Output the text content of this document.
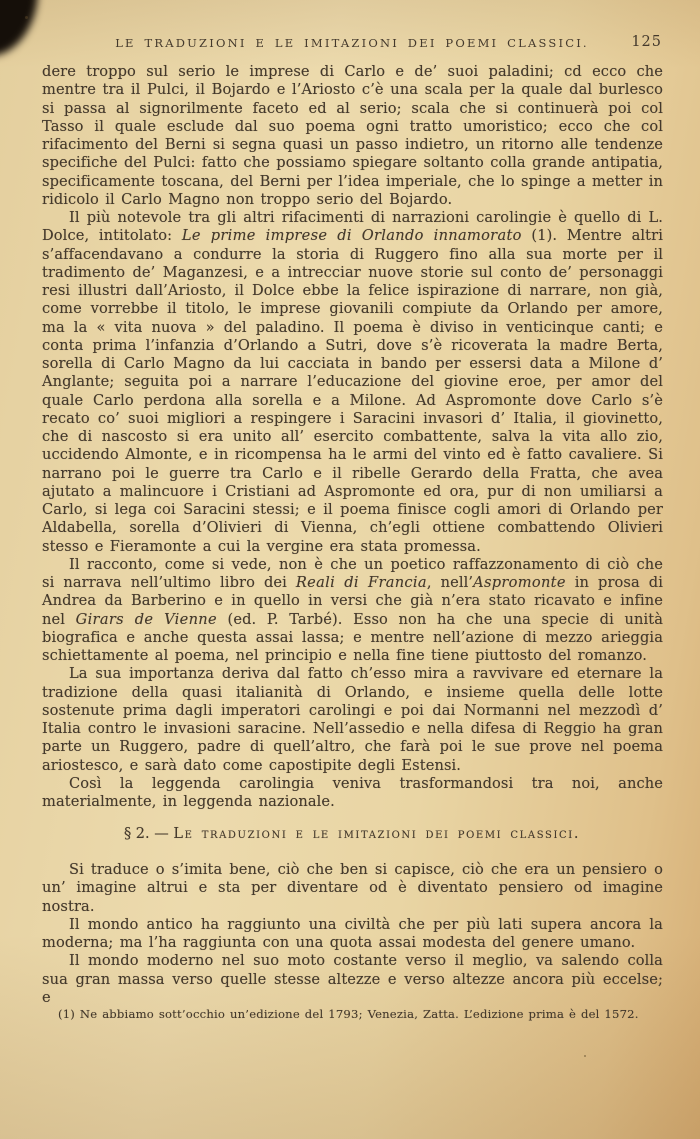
LE TRADUZIONI E LE IMITAZIONI DEI POEMI CLASSICI.	125

dere troppo sul serio le imprese di Carlo e de’ suoi paladini; cd ecco che mentre tra il Pulci, il Bojardo e l’Ariosto c’è una scala per la quale dal burlesco si passa al signorilmente faceto ed al serio; scala che si continuerà poi col Tasso il quale esclude dal suo poema ogni tratto umoristico; ecco che col rifacimento del Berni si segna quasi un passo indietro, un ritorno alle tendenze specifiche del Pulci: fatto che possiamo spiegare soltanto colla grande antipatia, specificamente toscana, del Berni per l’idea imperiale, che lo spinge a metter in ridicolo il Carlo Magno non troppo serio del Bojardo.

Il più notevole tra gli altri rifacimenti di narrazioni carolingie è quello di L. Dolce, intitolato: Le prime imprese di Orlando innamorato (1). Mentre altri s’affacendavano a condurre la storia di Ruggero fino alla sua morte per il tradimento de’ Maganzesi, e a intrecciar nuove storie sul conto de’ personaggi resi illustri dall’Ariosto, il Dolce ebbe la felice ispirazione di narrare, non già, come vorrebbe il titolo, le imprese giovanili compiute da Orlando per amore, ma la « vita nuova » del paladino. Il poema è diviso in venticinque canti; e conta prima l’infanzia d’Orlando a Sutri, dove s’è ricoverata la madre Berta, sorella di Carlo Magno da lui cacciata in bando per essersi data a Milone d’ Anglante; seguita poi a narrare l’educazione del giovine eroe, per amor del quale Carlo perdona alla sorella e a Milone. Ad Aspromonte dove Carlo s’è recato co’ suoi migliori a respingere i Saracini invasori d’ Italia, il giovinetto, che di nascosto si era unito all’ esercito combattente, salva la vita allo zio, uccidendo Almonte, e in ricompensa ha le armi del vinto ed è fatto cavaliere. Si narrano poi le guerre tra Carlo e il ribelle Gerardo della Fratta, che avea ajutato a malincuore i Cristiani ad Aspromonte ed ora, pur di non umiliarsi a Carlo, si lega coi Saracini stessi; e il poema finisce cogli amori di Orlando per Aldabella, sorella d’Olivieri di Vienna, ch’egli ottiene combattendo Olivieri stesso e Fieramonte a cui la vergine era stata promessa.

Il racconto, come si vede, non è che un poetico raffazzonamento di ciò che si narrava nell’ultimo libro dei Reali di Francia, nell’Aspromonte in prosa di Andrea da Barberino e in quello in versi che già n’era stato ricavato e infine nel Girars de Vienne (ed. P. Tarbé). Esso non ha che una specie di unità biografica e anche questa assai lassa; e mentre nell’azione di mezzo arieggia schiettamente al poema, nel principio e nella fine tiene piuttosto del romanzo.

La sua importanza deriva dal fatto ch’esso mira a ravvivare ed eternare la tradizione della quasi italianità di Orlando, e insieme quella delle lotte sostenute prima dagli imperatori carolingi e poi dai Normanni nel mezzodì d’ Italia contro le invasioni saracine. Nell’assedio e nella difesa di Reggio ha gran parte un Ruggero, padre di quell’altro, che farà poi le sue prove nel poema ariostesco, e sarà dato come capostipite degli Estensi.

Così la leggenda carolingia veniva trasformandosi tra noi, anche materialmente, in leggenda nazionale.

§ 2. — Le traduzioni e le imitazioni dei poemi classici.

Si traduce o s’imita bene, ciò che ben si capisce, ciò che era un pensiero o un’ imagine altrui e sta per diventare od è diventato pensiero od imagine nostra.

Il mondo antico ha raggiunto una civiltà che per più lati supera ancora la moderna; ma l’ha raggiunta con una quota assai modesta del genere umano.

Il mondo moderno nel suo moto costante verso il meglio, va salendo colla sua gran massa verso quelle stesse altezze e verso altezze ancora più eccelse; e

(1) Ne abbiamo sott’occhio un’edizione del 1793; Venezia, Zatta. L’edizione prima è del 1572.
